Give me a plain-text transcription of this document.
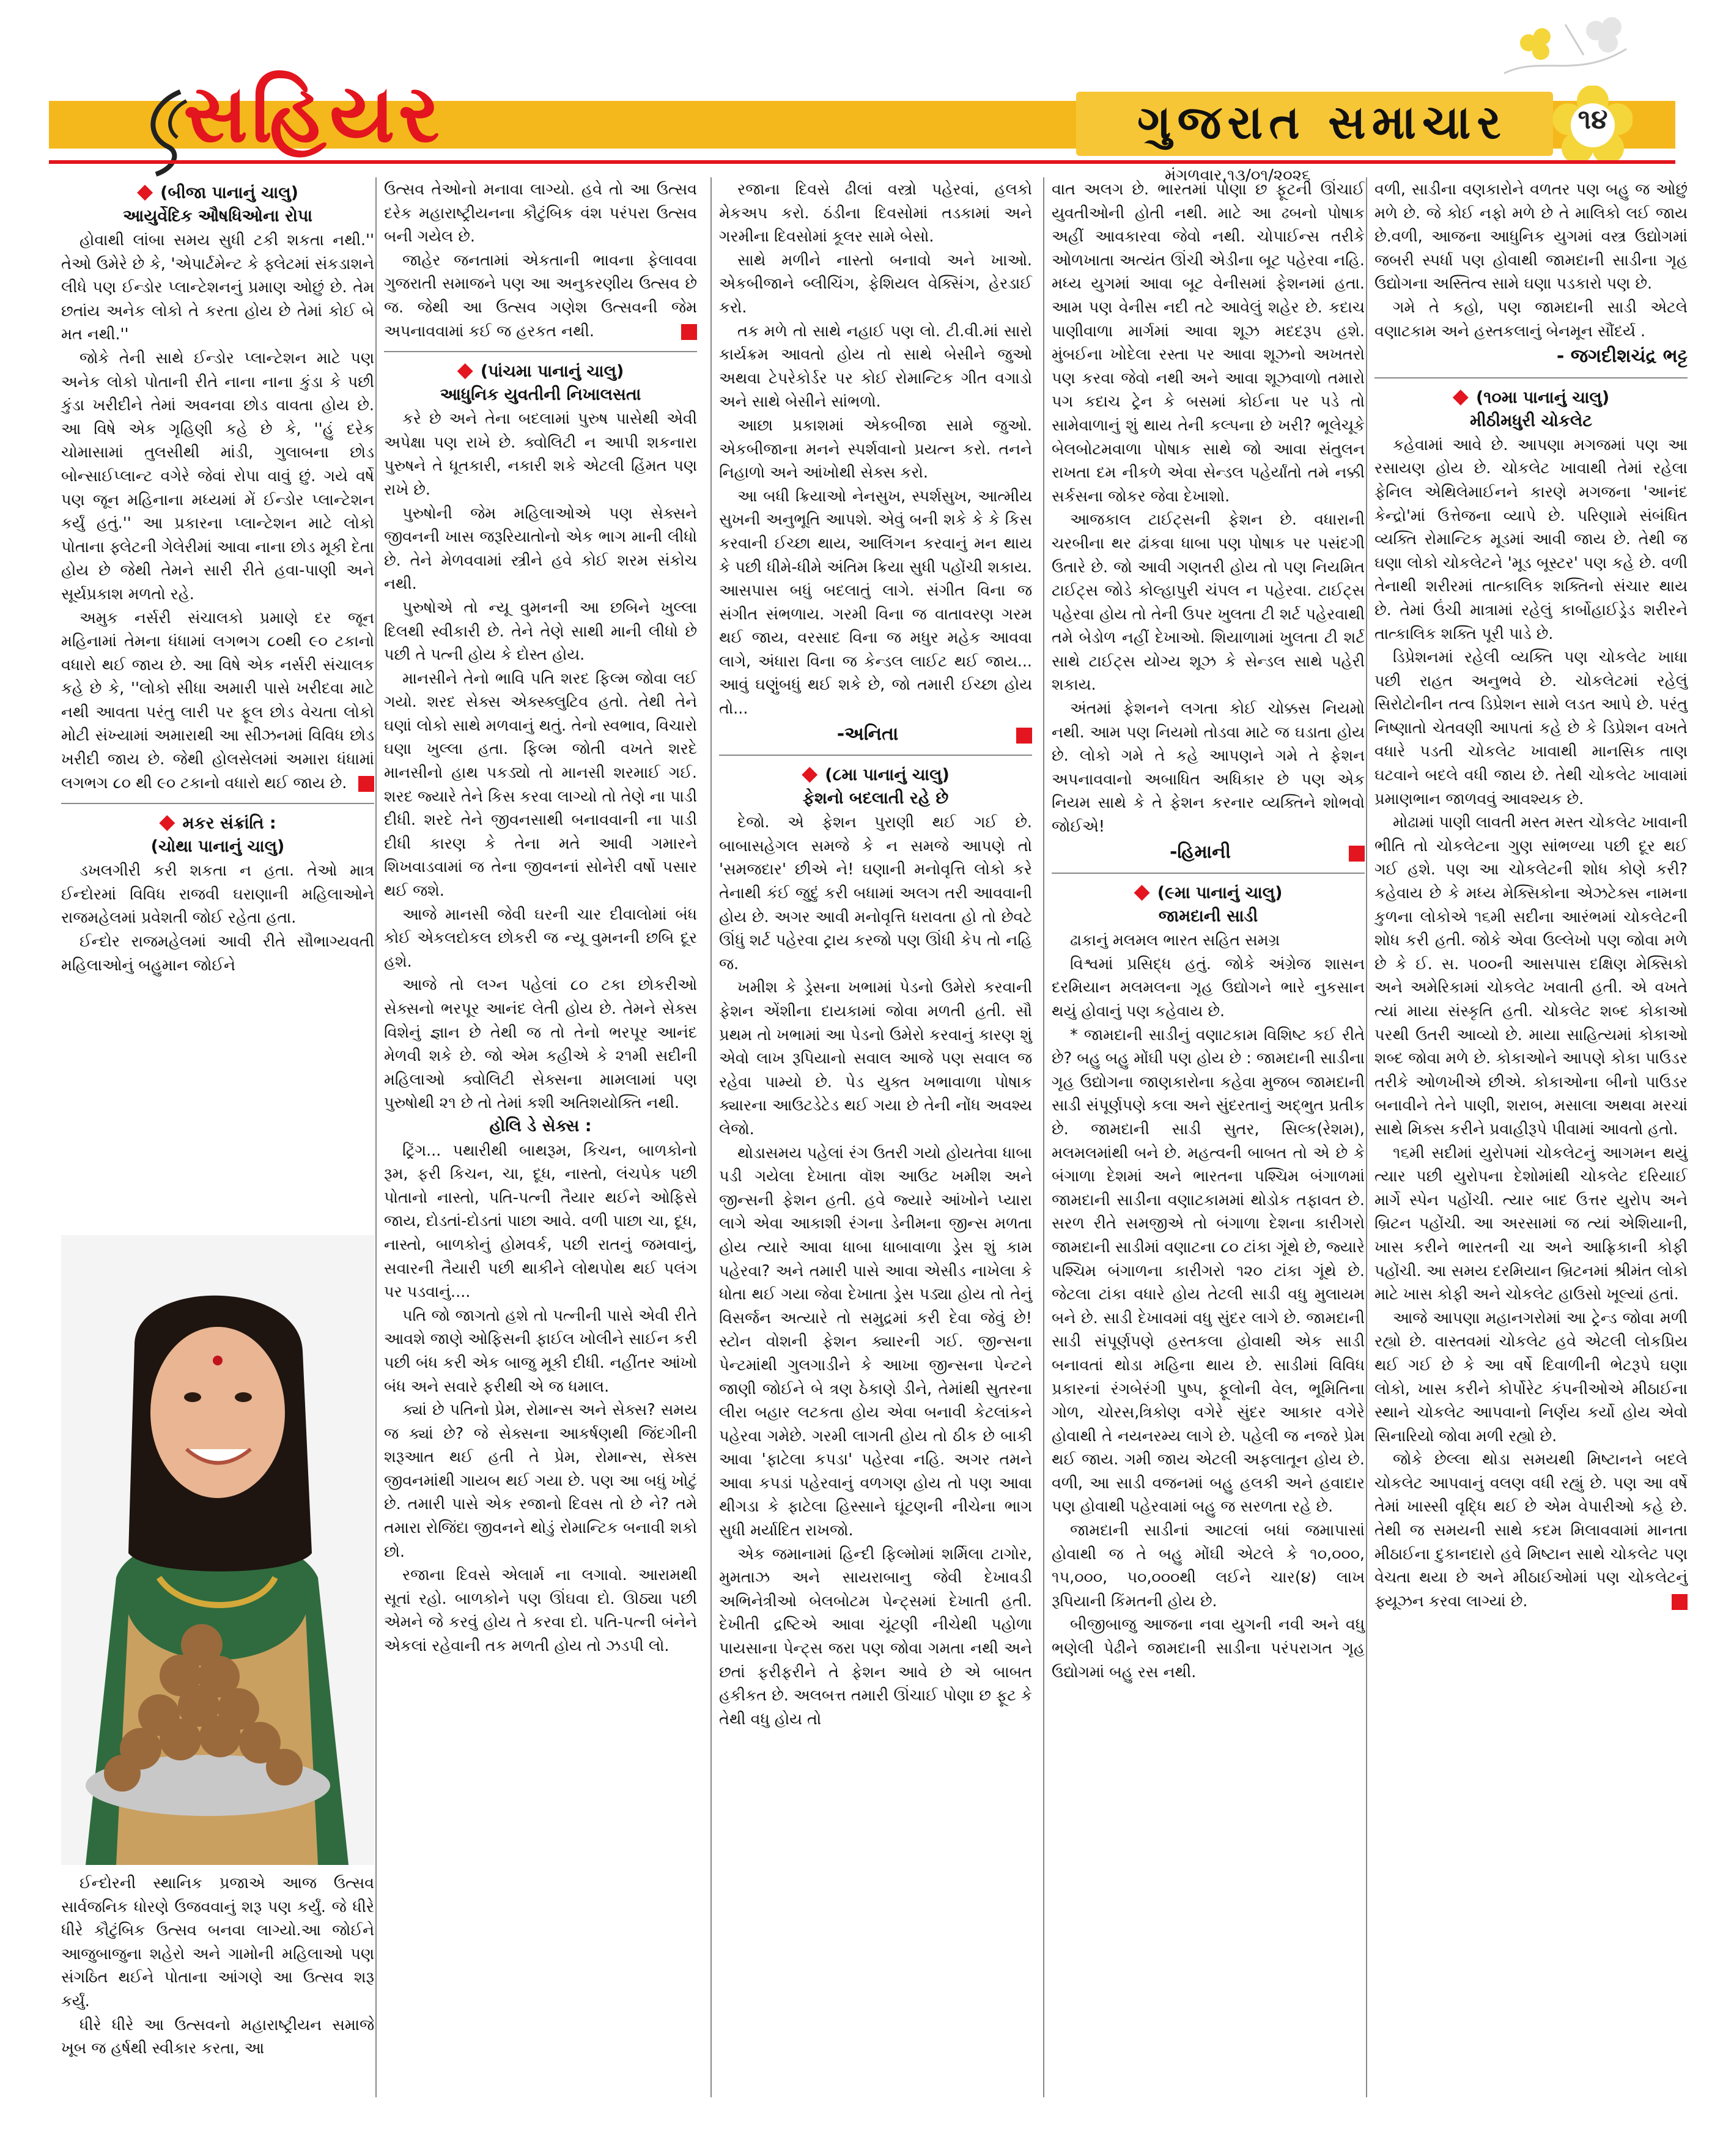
સહિયર	ગુજરાત સમાચાર	૧૪
મંગળવાર,૧૩/૦૧/૨૦૨૬
◆ (બીજા પાનાનું ચાલુ)
આયુર્વેદિક ઔષધિઓના રોપા

હોવાથી લાંબા સમય સુધી ટકી શકતા નથી.'' તેઓ ઉમેરે છે કે, 'એપાર્ટમેન્ટ કે ફ્લેટમાં સંકડાશને લીધે પણ ઈન્ડોર પ્લાન્ટેશનનું પ્રમાણ ઓછું છે. તેમ છતાંય અનેક લોકો તે કરતા હોય છે તેમાં કોઈ બે મત નથી.''

જોકે તેની સાથે ઈન્ડોર પ્લાન્ટેશન માટે પણ અનેક લોકો પોતાની રીતે નાના નાના કુંડા કે પછી કુંડા ખરીદીને તેમાં અવનવા છોડ વાવતા હોય છે. આ વિષે એક ગૃહિણી કહે છે કે, ''હું દરેક ચોમાસામાં તુલસીથી માંડી, ગુલાબના છોડ બોન્સાઈપ્લાન્ટ વગેરે જેવાં રોપા વાવું છું. ગયે વર્ષે પણ જૂન મહિનાના મધ્યમાં મેં ઈન્ડોર પ્લાન્ટેશન કર્યું હતું.'' આ પ્રકારના પ્લાન્ટેશન માટે લોકો પોતાના ફ્લેટની ગેલેરીમાં આવા નાના છોડ મૂકી દેતા હોય છે જેથી તેમને સારી રીતે હવા-પાણી અને સૂર્યપ્રકાશ મળતો રહે.

અમુક નર્સરી સંચાલકો પ્રમાણે દર જૂન મહિનામાં તેમના ધંધામાં લગભગ ૮૦થી ૯૦ ટકાનો વધારો થઈ જાય છે. આ વિષે એક નર્સરી સંચાલક કહે છે કે, ''લોકો સીધા અમારી પાસે ખરીદવા માટે નથી આવતા પરંતુ લારી પર ફૂલ છોડ વેચતા લોકો મોટી સંખ્યામાં અમારાથી આ સીઝનમાં વિવિધ છોડ ખરીદી જાય છે. જેથી હોલસેલમાં અમારા ધંધામાં લગભગ ૮૦ થી ૯૦ ટકાનો વધારો થઈ જાય છે.

◆ મકર સંક્રાંતિ :
(ચોથા પાનાનું ચાલુ)

ડખલગીરી કરી શકતા ન હતા. તેઓ માત્ર ઈન્દોરમાં વિવિધ રાજવી ઘરાણાની મહિલાઓને રાજમહેલમાં પ્રવેશતી જોઈ રહેતા હતા.

ઈન્દોર રાજમહેલમાં આવી રીતે સૌભાગ્યવતી મહિલાઓનું બહુમાન જોઈને

ઈન્દોરની સ્થાનિક પ્રજાએ આજ ઉત્સવ સાર્વજનિક ધોરણે ઉજવવાનું શરૂ પણ કર્યું. જે ધીરે ધીરે કૌટુંબિક ઉત્સવ બનવા લાગ્યો.આ જોઈને આજુબાજુના શહેરો અને ગામોની મહિલાઓ પણ સંગઠિત થઈને પોતાના આંગણે આ ઉત્સવ શરૂ કર્યું.

ધીરે ધીરે આ ઉત્સવનો મહારાષ્ટ્રીયન સમાજે ખૂબ જ હર્ષથી સ્વીકાર કરતા, આ

ઉત્સવ તેઓનો મનાવા લાગ્યો. હવે તો આ ઉત્સવ દરેક મહારાષ્ટ્રીયનના કૌટુંબિક વંશ પરંપરા ઉત્સવ બની ગયેલ છે.

જાહેર જનતામાં એકતાની ભાવના ફેલાવવા ગુજરાતી સમાજને પણ આ અનુકરણીય ઉત્સવ છે જ. જેથી આ ઉત્સવ ગણેશ ઉત્સવની જેમ અપનાવવામાં કઈ જ હરકત નથી.

◆ (પાંચમા પાનાનું ચાલુ)
આધુનિક યુવતીની નિખાલસતા

કરે છે અને તેના બદલામાં પુરુષ પાસેથી એવી અપેક્ષા પણ રાખે છે. ક્વોલિટી ન આપી શકનારા પુરુષને તે ધૂતકારી, નકારી શકે એટલી હિંમત પણ રાખે છે.

પુરુષોની જેમ મહિલાઓએ પણ સેક્સને જીવનની ખાસ જરૂરિયાતોનો એક ભાગ માની લીધો છે. તેને મેળવવામાં સ્ત્રીને હવે કોઈ શરમ સંકોચ નથી.

પુરુષોએ તો ન્યૂ વુમનની આ છબિને ખુલ્લા દિલથી સ્વીકારી છે. તેને તેણે સાથી માની લીધો છે પછી તે પત્ની હોય કે દોસ્ત હોય.

માનસીને તેનો ભાવિ પતિ શરદ ફિલ્મ જોવા લઈ ગયો. શરદ સેક્સ એક્સ્ક્લુટિવ હતો. તેથી તેને ઘણાં લોકો સાથે મળવાનું થતું. તેનો સ્વભાવ, વિચારો ઘણા ખુલ્લા હતા. ફિલ્મ જોતી વખતે શરદે માનસીનો હાથ પકડ્યો તો માનસી શરમાઈ ગઈ. શરદ જ્યારે તેને કિસ કરવા લાગ્યો તો તેણે ના પાડી દીધી. શરદે તેને જીવનસાથી બનાવવાની ના પાડી દીધી કારણ કે તેના મતે આવી ગમારને શિખવાડવામાં જ તેના જીવનનાં સોનેરી વર્ષો પસાર થઈ જશે.

આજે માનસી જેવી ઘરની ચાર દીવાલોમાં બંધ કોઈ એકલદોકલ છોકરી જ ન્યૂ વુમનની છબિ દૂર હશે.

આજે તો લગ્ન પહેલાં ૮૦ ટકા છોકરીઓ સેક્સનો ભરપૂર આનંદ લેતી હોય છે. તેમને સેક્સ વિશેનું જ્ઞાન છે તેથી જ તો તેનો ભરપૂર આનંદ મેળવી શકે છે. જો એમ કહીએ કે ૨૧મી સદીની મહિલાઓ ક્વોલિટી સેક્સના મામલામાં પણ પુરુષોથી ૨૧ છે તો તેમાં કશી અતિશયોક્તિ નથી.

હોલિ ડે સેક્સ :

ટ્રિંગ... પથારીથી બાથરૂમ, કિચન, બાળકોનો રૂમ, ફરી કિચન, ચા, દૂધ, નાસ્તો, લંચપેક પછી પોતાનો નાસ્તો, પતિ-પત્ની તૈયાર થઈને ઓફિસે જાય, દોડતાં-દોડતાં પાછા આવે. વળી પાછા ચા, દૂધ, નાસ્તો, બાળકોનું હોમવર્ક, પછી રાતનું જમવાનું, સવારની તૈયારી પછી થાકીને લોથપોથ થઈ પલંગ પર પડવાનું....

પતિ જો જાગતો હશે તો પત્નીની પાસે એવી રીતે આવશે જાણે ઓફિસની ફાઈલ ખોલીને સાઈન કરી પછી બંધ કરી એક બાજુ મૂકી દીધી. નહીંતર આંખો બંધ અને સવારે ફરીથી એ જ ધમાલ.

ક્યાં છે પતિનો પ્રેમ, રોમાન્સ અને સેક્સ? સમય જ ક્યાં છે? જે સેક્સના આકર્ષણથી જિંદગીની શરૂઆત થઈ હતી તે પ્રેમ, રોમાન્સ, સેક્સ જીવનમાંથી ગાયબ થઈ ગયા છે. પણ આ બધું ખોટું છે. તમારી પાસે એક રજાનો દિવસ તો છે ને? તમે તમારા રોજિંદા જીવનને થોડું રોમાન્ટિક બનાવી શકો છો.

રજાના દિવસે એલાર્મ ના લગાવો. આરામથી સૂતાં રહો. બાળકોને પણ ઊંઘવા દો. ઊઠ્યા પછી એમને જે કરવું હોય તે કરવા દો. પતિ-પત્ની બંનેને એકલાં રહેવાની તક મળતી હોય તો ઝડપી લો.

રજાના દિવસે ઢીલાં વસ્ત્રો પહેરવાં, હલકો મેકઅપ કરો. ઠંડીના દિવસોમાં તડકામાં અને ગરમીના દિવસોમાં કૂલર સામે બેસો.

સાથે મળીને નાસ્તો બનાવો અને ખાઓ. એકબીજાને બ્લીચિંગ, ફેશિયલ વેક્સિંગ, હેરડાઈ કરો.

તક મળે તો સાથે નહાઈ પણ લો. ટી.વી.માં સારો કાર્યક્રમ આવતો હોય તો સાથે બેસીને જુઓ અથવા ટેપરેકોર્ડર પર કોઈ રોમાન્ટિક ગીત વગાડો અને સાથે બેસીને સાંભળો.

આછા પ્રકાશમાં એકબીજા સામે જુઓ. એકબીજાના મનને સ્પર્શવાનો પ્રયત્ન કરો. તનને નિહાળો અને આંખોથી સેક્સ કરો.

આ બધી ક્રિયાઓ નેનસુખ, સ્પર્શસુખ, આત્મીય સુખની અનુભૂતિ આપશે. એવું બની શકે કે કે કિસ કરવાની ઈચ્છા થાય, આલિંગન કરવાનું મન થાય કે પછી ધીમે-ધીમે અંતિમ ક્રિયા સુધી પહોંચી શકાય. આસપાસ બધું બદલાતું લાગે. સંગીત વિના જ સંગીત સંભળાય. ગરમી વિના જ વાતાવરણ ગરમ થઈ જાય, વરસાદ વિના જ મધુર મહેક આવવા લાગે, અંધારા વિના જ કેન્ડલ લાઈટ થઈ જાય... આવું ઘણુંબધું થઈ શકે છે, જો તમારી ઈચ્છા હોય તો...

-અનિતા
◆ (૮મા પાનાનું ચાલુ)
ફેશનો બદલાતી રહે છે

દેજો. એ ફેશન પુરાણી થઈ ગઈ છે. બાબાસહેગલ સમજે કે ન સમજે આપણે તો 'સમજદાર' છીએ ને! ઘણાની મનોવૃત્તિ લોકો કરે તેનાથી કંઈ જુદું કરી બધામાં અલગ તરી આવવાની હોય છે. અગર આવી મનોવૃત્તિ ધરાવતા હો તો છેવટે ઊંધું શર્ટ પહેરવા ટ્રાય કરજો પણ ઊંધી કેપ તો નહિ જ.

ખમીશ કે ડ્રેસના ખભામાં પેડનો ઉમેરો કરવાની ફેશન એંશીના દાયકામાં જોવા મળતી હતી. સૌ પ્રથમ તો ખભામાં આ પેડનો ઉમેરો કરવાનું કારણ શું એવો લાખ રૂપિયાનો સવાલ આજે પણ સવાલ જ રહેવા પામ્યો છે. પેડ યુક્ત ખભાવાળા પોષાક ક્યારના આઉટડેટેડ થઈ ગયા છે તેની નોંધ અવશ્ય લેજો.

થોડાસમય પહેલાં રંગ ઉતરી ગયો હોયતેવા ધાબા પડી ગયેલા દેખાતા વૉશ આઉટ ખમીશ અને જીન્સની ફેશન હતી. હવે જ્યારે આંખોને પ્યારા લાગે એવા આકાશી રંગના ડેનીમના જીન્સ મળતા હોય ત્યારે આવા ધાબા ધાબાવાળા ડ્રેસ શું કામ પહેરવા? અને તમારી પાસે આવા એસીડ નાખેલા કે ધોતા થઈ ગયા જેવા દેખાતા ડ્રેસ પડ્યા હોય તો તેનું વિસર્જન અત્યારે તો સમુદ્રમાં કરી દેવા જેવું છે! સ્ટોન વોશની ફેશન ક્યારની ગઈ. જીન્સના પેન્ટમાંથી ગુલગાડીને કે આખા જીન્સના પેન્ટને જાણી જોઈને બે ત્રણ ઠેકાણે ડીને, તેમાંથી સુતરના લીરા બહાર લટકતા હોય એવા બનાવી કેટલાંકને પહેરવા ગમેછે. ગરમી લાગતી હોય તો ઠીક છે બાકી આવા 'ફાટેલા કપડા' પહેરવા નહિ. અગર તમને આવા કપડાં પહેરવાનું વળગણ હોય તો પણ આવા થીગડા કે ફાટેલા હિસ્સાને ઘૂંટણની નીચેના ભાગ સુધી મર્યાદિત રાખજો.

એક જમાનામાં હિન્દી ફિલ્મોમાં શર્મિલા ટાગોર, મુમતાઝ અને સાયરાબાનુ જેવી દેખાવડી અભિનેત્રીઓ બેલબોટમ પેન્ટ્સમાં દેખાતી હતી. દેખીતી દ્રષ્ટિએ આવા ચૂંટણી નીચેથી પહોળા પાયસાના પેન્ટ્સ જરા પણ જોવા ગમતા નથી અને છતાં ફરીફરીને તે ફેશન આવે છે એ બાબત હકીકત છે. અલબત્ત તમારી ઊંચાઈ પોણા છ ફૂટ કે તેથી વધુ હોય તો

વાત અલગ છે. ભારતમાં પોણા છ ફૂટની ઊંચાઈ યુવતીઓની હોતી નથી. માટે આ ઢબનો પોષાક અહીં આવકારવા જેવો નથી. ચોપાઈન્સ તરીકે ઓળખાતા અત્યંત ઊંચી એડીના બૂટ પહેરવા નહિ. મધ્ય યુગમાં આવા બૂટ વેનીસમાં ફેશનમાં હતા. આમ પણ વેનીસ નદી તટે આવેલું શહેર છે. કદાચ પાણીવાળા માર્ગમાં આવા શૂઝ મદદરૂપ હશે. મુંબઈના ખોદેલા રસ્તા પર આવા શૂઝનો અખતરો પણ કરવા જેવો નથી અને આવા શૂઝવાળો તમારો પગ કદાચ ટ્રેન કે બસમાં કોઈના પર પડે તો સામેવાળાનું શું થાય તેની કલ્પના છે ખરી? ભૂલેચૂકે બેલબોટમવાળા પોષાક સાથે જો આવા સંતુલન રાખતા દમ નીકળે એવા સેન્ડલ પહેર્યાંતો તમે નક્કી સર્કસના જોકર જેવા દેખાશો.

આજકાલ ટાઈટ્સની ફેશન છે. વધારાની ચરબીના થર ઢાંકવા ધાબા પણ પોષાક પર પસંદગી ઉતારે છે. જો આવી ગણતરી હોય તો પણ નિયમિત ટાઈટ્સ જોડે કોલ્હાપુરી ચંપલ ન પહેરવા. ટાઈટ્સ પહેરવા હોય તો તેની ઉપર ખુલતા ટી શર્ટ પહેરવાથી તમે બેડોળ નહીં દેખાઓ. શિયાળામાં ખુલતા ટી શર્ટ સાથે ટાઈટ્સ યોગ્ય શૂઝ કે સેન્ડલ સાથે પહેરી શકાય.

અંતમાં ફેશનને લગતા કોઈ ચોક્કસ નિયમો નથી. આમ પણ નિયમો તોડવા માટે જ ઘડાતા હોય છે. લોકો ગમે તે કહે આપણને ગમે તે ફેશન અપનાવવાનો અબાધિત અધિકાર છે પણ એક નિયમ સાથે કે તે ફેશન કરનાર વ્યક્તિને શોભવો જોઈએ!

-હિમાની
◆ (૯મા પાનાનું ચાલુ)
જામદાની સાડી

ઢાકાનું મલમલ ભારત સહિત સમગ્ર

વિશ્વમાં પ્રસિદ્ધ હતું. જોકે અંગ્રેજ શાસન દરમિયાન મલમલના ગૃહ ઉદ્યોગને ભારે નુકસાન થયું હોવાનું પણ કહેવાય છે.

* જામદાની સાડીનું વણાટકામ વિશિષ્ટ કઈ રીતે છે? બહુ બહુ મોંઘી પણ હોય છે : જામદાની સાડીના ગૃહ ઉદ્યોગના જાણકારોના કહેવા મુજબ જામદાની સાડી સંપૂર્ણપણે કલા અને સુંદરતાનું અદ્ભુત પ્રતીક છે. જામદાની સાડી સુતર, સિલ્ક(રેશમ), મલમલમાંથી બને છે. મહત્વની બાબત તો એ છે કે બંગાળા દેશમાં અને ભારતના પશ્ચિમ બંગાળમાં જામદાની સાડીના વણાટકામમાં થોડોક તફાવત છે. સરળ રીતે સમજીએ તો બંગાળા દેશના કારીગરો જામદાની સાડીમાં વણાટના ૮૦ ટાંકા ગૂંથે છે, જ્યારે પશ્ચિમ બંગાળના કારીગરો ૧૨૦ ટાંકા ગૂંથે છે. જેટલા ટાંકા વધારે હોય તેટલી સાડી વધુ મુલાયમ બને છે. સાડી દેખાવમાં વધુ સુંદર લાગે છે. જામદાની સાડી સંપૂર્ણપણે હસ્તકલા હોવાથી એક સાડી બનાવતાં થોડા મહિના થાય છે. સાડીમાં વિવિધ પ્રકારનાં રંગબેરંગી પુષ્પ, ફૂલોની વેલ, ભૂમિતિના ગોળ, ચોરસ,ત્રિકોણ વગેરે સુંદર આકાર વગેરે હોવાથી તે નયનરમ્ય લાગે છે. પહેલી જ નજરે પ્રેમ થઈ જાય. ગમી જાય એટલી અફલાતૂન હોય છે. વળી, આ સાડી વજનમાં બહુ હલકી અને હવાદાર પણ હોવાથી પહેરવામાં બહુ જ સરળતા રહે છે.

જામદાની સાડીનાં આટલાં બધાં જમાપાસાં હોવાથી જ તે બહુ મોંઘી એટલે કે ૧૦,૦૦૦, ૧૫,૦૦૦, ૫૦,૦૦૦થી લઈને ચાર(૪) લાખ રૂપિયાની કિંમતની હોય છે.

બીજીબાજુ આજના નવા યુગની નવી અને વધુ ભણેલી પેઢીને જામદાની સાડીના પરંપરાગત ગૃહ ઉદ્યોગમાં બહુ રસ નથી.

વળી, સાડીના વણકારોને વળતર પણ બહુ જ ઓછું મળે છે. જે કોઈ નફો મળે છે તે માલિકો લઈ જાય છે.વળી, આજના આધુનિક યુગમાં વસ્ત્ર ઉદ્યોગમાં જબરી સ્પર્ધા પણ હોવાથી જામદાની સાડીના ગૃહ ઉદ્યોગના અસ્તિત્વ સામે ઘણા પડકારો પણ છે.

ગમે તે કહો, પણ જામદાની સાડી એટલે વણાટકામ અને હસ્તકલાનું બેનમૂન સૌંદર્ય .

- જગદીશચંદ્ર ભટ્ટ
◆ (૧૦મા પાનાનું ચાલુ)
મીઠીમધુરી ચોકલેટ

કહેવામાં આવે છે. આપણા મગજમાં પણ આ રસાયણ હોય છે. ચોકલેટ ખાવાથી તેમાં રહેલા ફેનિલ એથિલેમાઈનને કારણે મગજના 'આનંદ કેન્દ્રો'માં ઉત્તેજના વ્યાપે છે. પરિણામે સંબંધિત વ્યક્તિ રોમાન્ટિક મૂડમાં આવી જાય છે. તેથી જ ઘણા લોકો ચોકલેટને 'મૂડ બૂસ્ટર' પણ કહે છે. વળી તેનાથી શરીરમાં તાત્કાલિક શક્તિનો સંચાર થાય છે. તેમાં ઉંચી માત્રામાં રહેલું કાર્બોહાઈડ્રેડ શરીરને તાત્કાલિક શક્તિ પૂરી પાડે છે.

ડિપ્રેશનમાં રહેલી વ્યક્તિ પણ ચોકલેટ ખાધા પછી રાહત અનુભવે છે. ચોકલેટમાં રહેલું સિરોટોનીન તત્વ ડિપ્રેશન સામે લડત આપે છે. પરંતુ નિષ્ણાતો ચેતવણી આપતાં કહે છે કે ડિપ્રેશન વખતે વધારે પડતી ચોકલેટ ખાવાથી માનસિક તાણ ઘટવાને બદલે વધી જાય છે. તેથી ચોકલેટ ખાવામાં પ્રમાણભાન જાળવવું આવશ્યક છે.

મોઢામાં પાણી લાવતી મસ્ત મસ્ત ચોકલેટ ખાવાની ભીતિ તો ચોકલેટના ગુણ સાંભળ્યા પછી દૂર થઈ ગઈ હશે. પણ આ ચોકલેટની શોધ કોણે કરી? કહેવાય છે કે મધ્ય મેક્સિકોના એઝટેક્સ નામના કુળના લોકોએ ૧૬મી સદીના આરંભમાં ચોકલેટની શોધ કરી હતી. જોકે એવા ઉલ્લેખો પણ જોવા મળે છે કે ઈ. સ. ૫૦૦ની આસપાસ દક્ષિણ મેક્સિકો અને અમેરિકામાં ચોકલેટ ખવાતી હતી. એ વખતે ત્યાં માયા સંસ્કૃતિ હતી. ચોકલેટ શબ્દ કોકાઓ પરથી ઉતરી આવ્યો છે. માયા સાહિત્યમાં કોકાઓ શબ્દ જોવા મળે છે. કોકાઓને આપણે કોકા પાઉડર તરીકે ઓળખીએ છીએ. કોકાઓના બીનો પાઉડર બનાવીને તેને પાણી, શરાબ, મસાલા અથવા મરચાં સાથે મિક્સ કરીને પ્રવાહીરૂપે પીવામાં આવતો હતો.

૧૬મી સદીમાં યુરોપમાં ચોકલેટનું આગમન થયું ત્યાર પછી યુરોપના દેશોમાંથી ચોકલેટ દરિયાઈ માર્ગે સ્પેન પહોંચી. ત્યાર બાદ ઉત્તર યુરોપ અને બ્રિટન પહોંચી. આ અરસામાં જ ત્યાં એશિયાની, ખાસ કરીને ભારતની ચા અને આફ્રિકાની કોફી પહોંચી. આ સમય દરમિયાન બ્રિટનમાં શ્રીમંત લોકો માટે ખાસ કોફી અને ચોકલેટ હાઉસો ખૂલ્યાં હતાં.

આજે આપણા મહાનગરોમાં આ ટ્રેન્ડ જોવા મળી રહ્યો છે. વાસ્તવમાં ચોકલેટ હવે એટલી લોકપ્રિય થઈ ગઈ છે કે આ વર્ષે દિવાળીની ભેટરૂપે ઘણા લોકો, ખાસ કરીને કોર્પોરેટ કંપનીઓએ મીઠાઈના સ્થાને ચોકલેટ આપવાનો નિર્ણય કર્યો હોય એવો સિનારિયો જોવા મળી રહ્યો છે.

જોકે છેલ્લા થોડા સમયથી મિષ્ટાનને બદલે ચોકલેટ આપવાનું વલણ વધી રહ્યું છે. પણ આ વર્ષે તેમાં ખાસ્સી વૃદ્ધિ થઈ છે એમ વેપારીઓ કહે છે. તેથી જ સમયની સાથે કદમ મિલાવવામાં માનતા મીઠાઈના દુકાનદારો હવે મિષ્ટાન સાથે ચોકલેટ પણ વેચતા થયા છે અને મીઠાઈઓમાં પણ ચોકલેટનું ફ્યૂઝન કરવા લાગ્યાં છે.
